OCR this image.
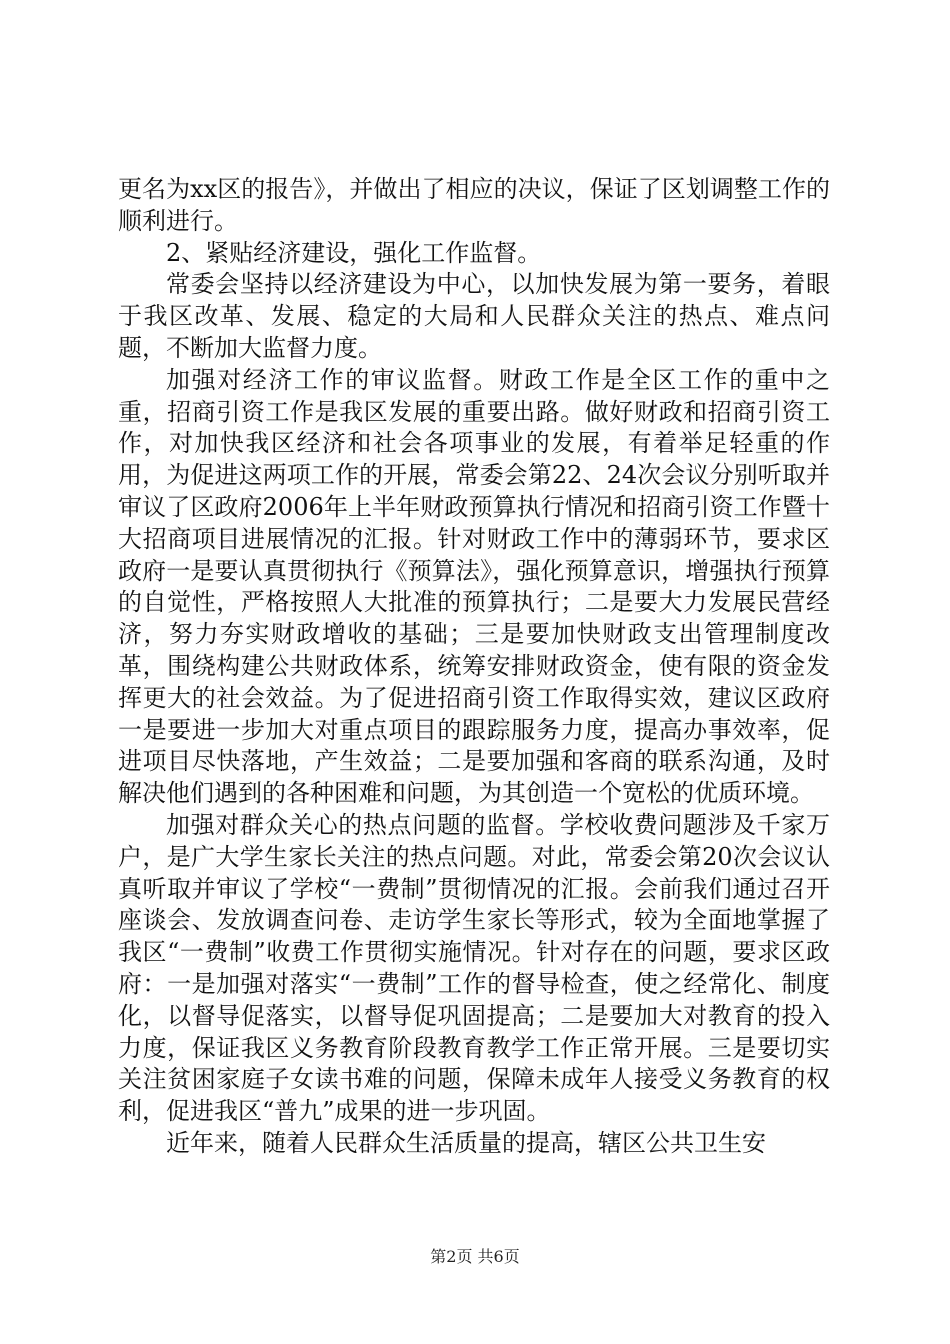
更名为xx区的报告》，并做出了相应的决议，保证了区划调整工作的顺利进行。

2、紧贴经济建设，强化工作监督。

常委会坚持以经济建设为中心，以加快发展为第一要务，着眼于我区改革、发展、稳定的大局和人民群众关注的热点、难点问题，不断加大监督力度。

加强对经济工作的审议监督。财政工作是全区工作的重中之重，招商引资工作是我区发展的重要出路。做好财政和招商引资工作，对加快我区经济和社会各项事业的发展，有着举足轻重的作用，为促进这两项工作的开展，常委会第22、24次会议分别听取并审议了区政府2006年上半年财政预算执行情况和招商引资工作暨十大招商项目进展情况的汇报。针对财政工作中的薄弱环节，要求区政府一是要认真贯彻执行《预算法》，强化预算意识，增强执行预算的自觉性，严格按照人大批准的预算执行；二是要大力发展民营经济，努力夯实财政增收的基础；三是要加快财政支出管理制度改革，围绕构建公共财政体系，统筹安排财政资金，使有限的资金发挥更大的社会效益。为了促进招商引资工作取得实效，建议区政府一是要进一步加大对重点项目的跟踪服务力度，提高办事效率，促进项目尽快落地，产生效益；二是要加强和客商的联系沟通，及时解决他们遇到的各种困难和问题，为其创造一个宽松的优质环境。

加强对群众关心的热点问题的监督。学校收费问题涉及千家万户，是广大学生家长关注的热点问题。对此，常委会第20次会议认真听取并审议了学校“一费制”贯彻情况的汇报。会前我们通过召开座谈会、发放调查问卷、走访学生家长等形式，较为全面地掌握了我区“一费制”收费工作贯彻实施情况。针对存在的问题，要求区政府：一是加强对落实“一费制”工作的督导检查，使之经常化、制度化，以督导促落实，以督导促巩固提高；二是要加大对教育的投入力度，保证我区义务教育阶段教育教学工作正常开展。三是要切实关注贫困家庭子女读书难的问题，保障未成年人接受义务教育的权利，促进我区“普九”成果的进一步巩固。

近年来，随着人民群众生活质量的提高，辖区公共卫生安

第2页 共6页
